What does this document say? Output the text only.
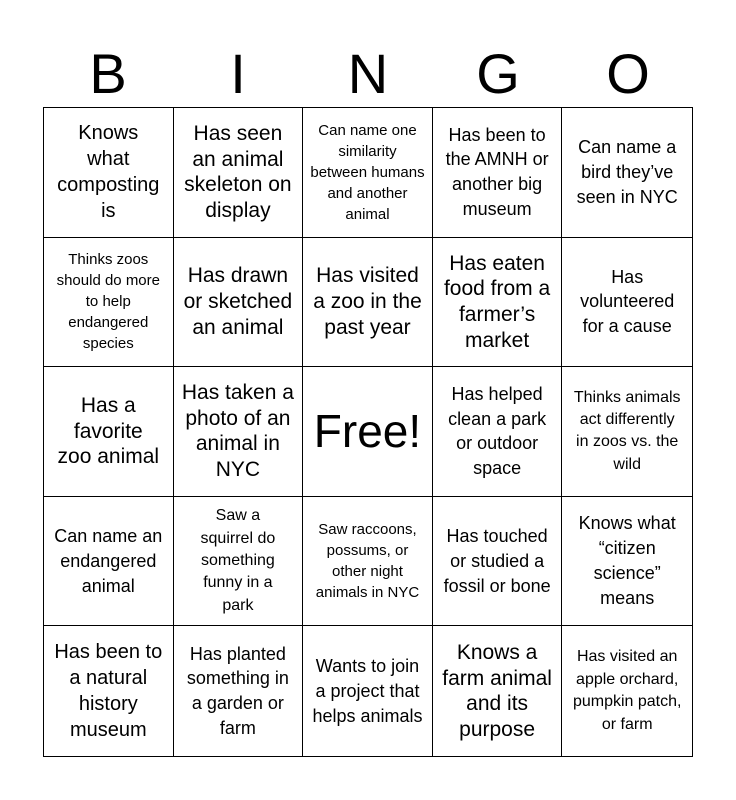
B	I	N	G	O
Knows what composting is
Has seen an animal skeleton on display
Can name one similarity between humans and another animal
Has been to the AMNH or another big museum
Can name a bird they’ve seen in NYC
Thinks zoos should do more to help endangered species
Has drawn or sketched an animal
Has visited a zoo in the past year
Has eaten food from a farmer’s market
Has volunteered for a cause
Has a favorite zoo animal
Has taken a photo of an animal in NYC
Free!
Has helped clean a park or outdoor space
Thinks animals act differently in zoos vs. the wild
Can name an endangered animal
Saw a squirrel do something funny in a park
Saw raccoons, possums, or other night animals in NYC
Has touched or studied a fossil or bone
Knows what “citizen science” means
Has been to a natural history museum
Has planted something in a garden or farm
Wants to join a project that helps animals
Knows a farm animal and its purpose
Has visited an apple orchard, pumpkin patch, or farm
